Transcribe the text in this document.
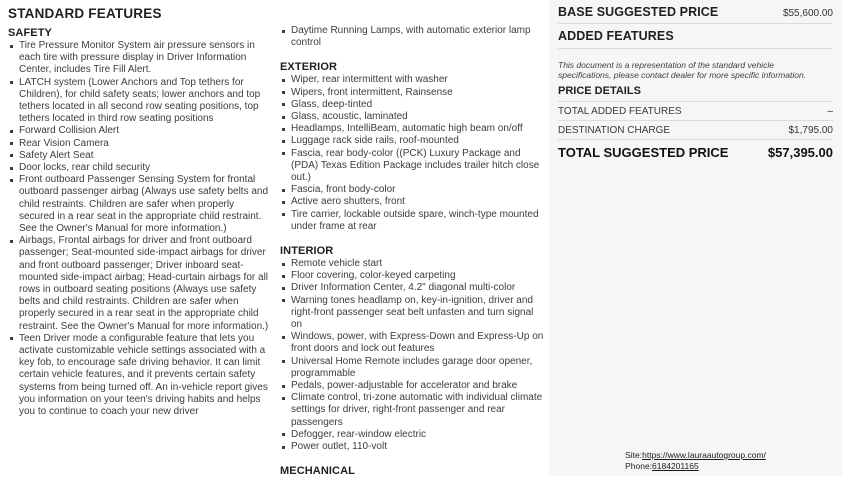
STANDARD FEATURES
SAFETY
Tire Pressure Monitor System air pressure sensors in each tire with pressure display in Driver Information Center, includes Tire Fill Alert.
LATCH system (Lower Anchors and Top tethers for Children), for child safety seats; lower anchors and top tethers located in all second row seating positions, top tethers located in third row seating positions
Forward Collision Alert
Rear Vision Camera
Safety Alert Seat
Door locks, rear child security
Front outboard Passenger Sensing System for frontal outboard passenger airbag (Always use safety belts and child restraints. Children are safer when properly secured in a rear seat in the appropriate child restraint. See the Owner's Manual for more information.)
Airbags, Frontal airbags for driver and front outboard passenger; Seat-mounted side-impact airbags for driver and front outboard passenger; Driver inboard seat-mounted side-impact airbag; Head-curtain airbags for all rows in outboard seating positions (Always use safety belts and child restraints. Children are safer when properly secured in a rear seat in the appropriate child restraint. See the Owner's Manual for more information.)
Teen Driver mode a configurable feature that lets you activate customizable vehicle settings associated with a key fob, to encourage safe driving behavior. It can limit certain vehicle features, and it prevents certain safety systems from being turned off. An in-vehicle report gives you information on your teen's driving habits and helps you to continue to coach your new driver
Daytime Running Lamps, with automatic exterior lamp control
EXTERIOR
Wiper, rear intermittent with washer
Wipers, front intermittent, Rainsense
Glass, deep-tinted
Glass, acoustic, laminated
Headlamps, IntelliBeam, automatic high beam on/off
Luggage rack side rails, roof-mounted
Fascia, rear body-color ((PCK) Luxury Package and (PDA) Texas Edition Package includes trailer hitch close out.)
Fascia, front body-color
Active aero shutters, front
Tire carrier, lockable outside spare, winch-type mounted under frame at rear
INTERIOR
Remote vehicle start
Floor covering, color-keyed carpeting
Driver Information Center, 4.2" diagonal multi-color
Warning tones headlamp on, key-in-ignition, driver and right-front passenger seat belt unfasten and turn signal on
Windows, power, with Express-Down and Express-Up on front doors and lock out features
Universal Home Remote includes garage door opener, programmable
Pedals, power-adjustable for accelerator and brake
Climate control, tri-zone automatic with individual climate settings for driver, right-front passenger and rear passengers
Defogger, rear-window electric
Power outlet, 110-volt
MECHANICAL
BASE SUGGESTED PRICE	$55,600.00
ADDED FEATURES
This document is a representation of the standard vehicle specifications, please contact dealer for more specific information.
PRICE DETAILS
TOTAL ADDED FEATURES	–
DESTINATION CHARGE	$1,795.00
TOTAL SUGGESTED PRICE	$57,395.00
Site:https://www.lauraautogroup.com/
Phone:6184201165
